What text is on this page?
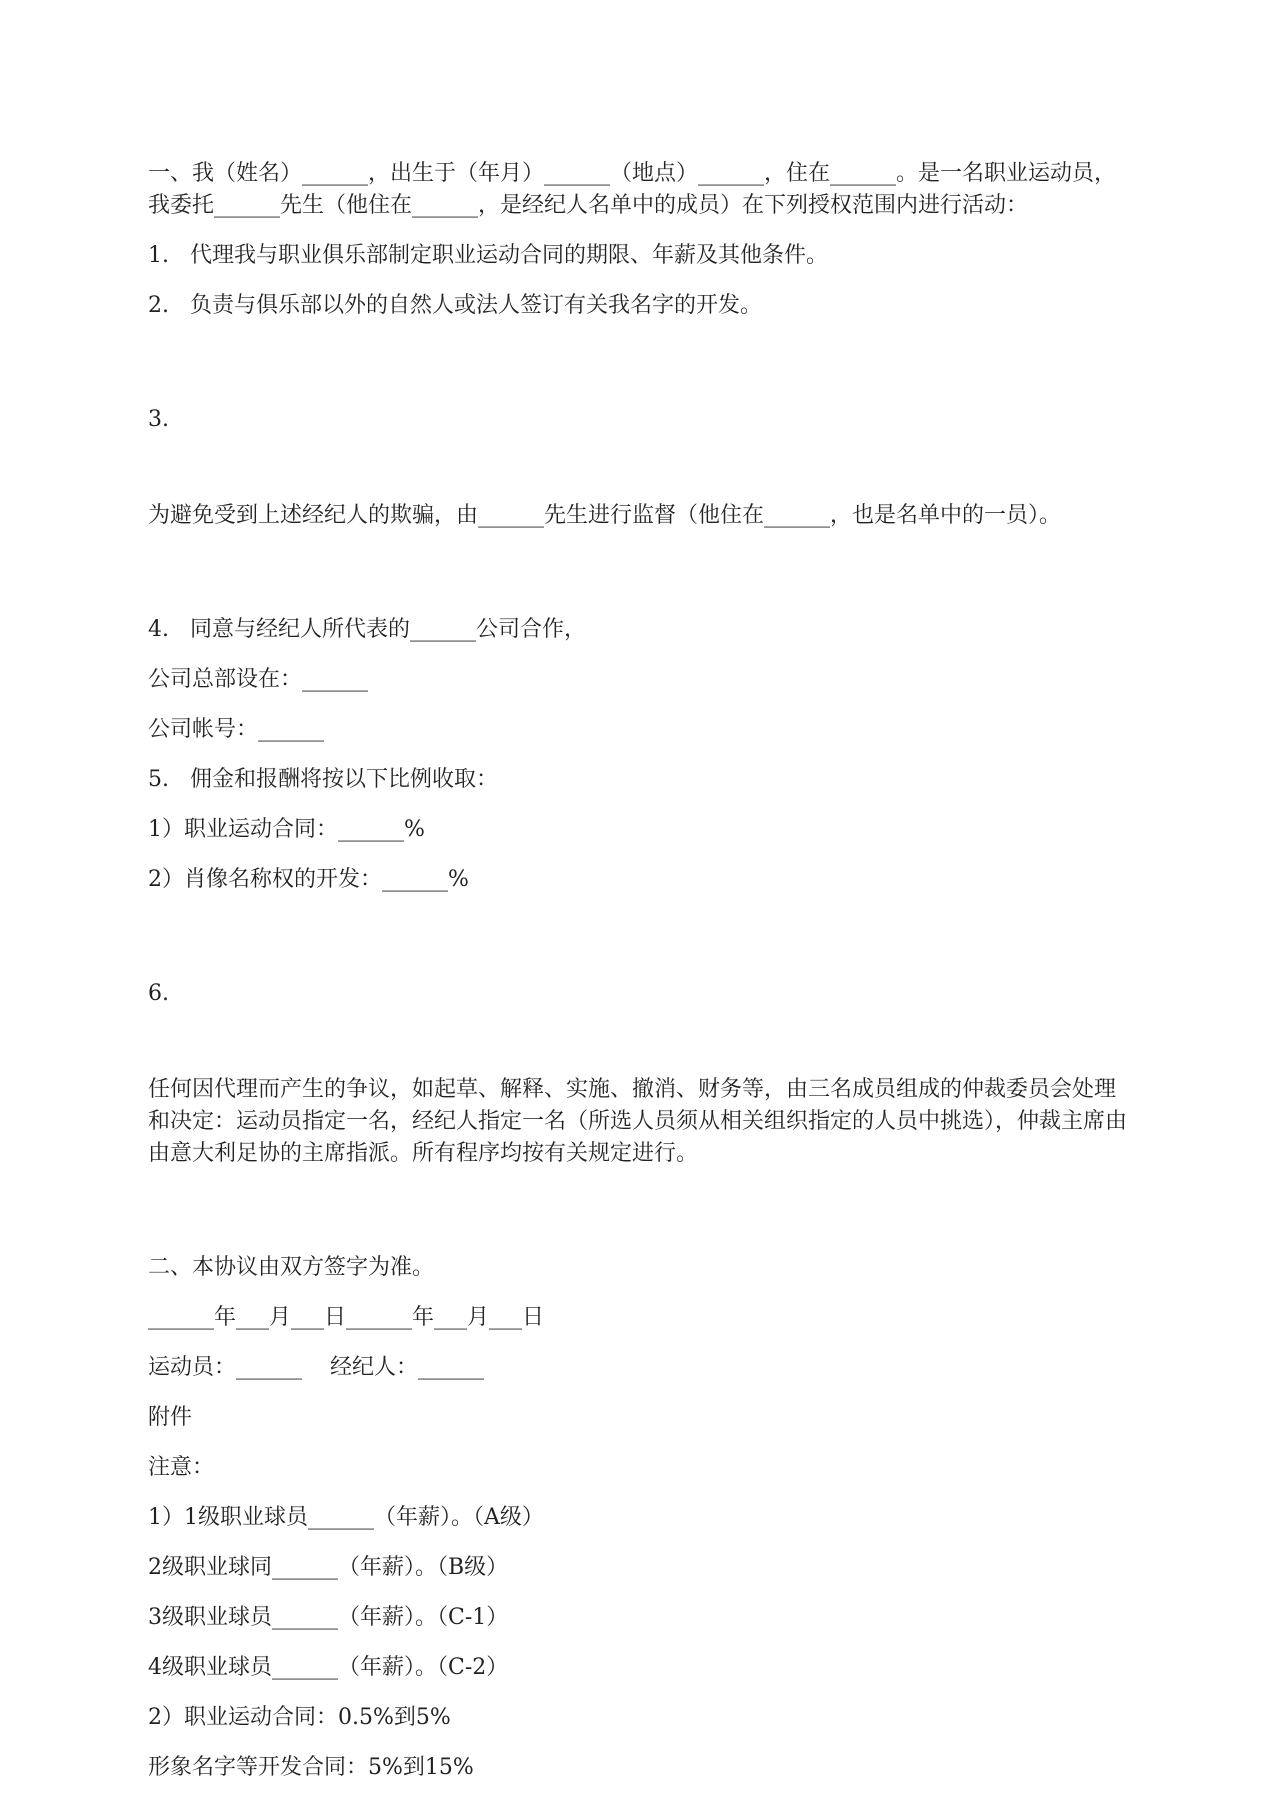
一、我（姓名）______，出生于（年月）______（地点）______，住在______。是一名职业运动员，我委托______先生（他住在______，是经纪人名单中的成员）在下列授权范围内进行活动：

1.   代理我与职业俱乐部制定职业运动合同的期限、年薪及其他条件。

2.   负责与俱乐部以外的自然人或法人签订有关我名字的开发。

3.

为避免受到上述经纪人的欺骗，由______先生进行监督（他住在______，也是名单中的一员）。

4.   同意与经纪人所代表的______公司合作，

公司总部设在：______

公司帐号：______

5.   佣金和报酬将按以下比例收取：

1）职业运动合同：______%

2）肖像名称权的开发：______%

6.

任何因代理而产生的争议，如起草、解释、实施、撤消、财务等，由三名成员组成的仲裁委员会处理和决定：运动员指定一名，经纪人指定一名（所选人员须从相关组织指定的人员中挑选），仲裁主席由由意大利足协的主席指派。所有程序均按有关规定进行。

二、本协议由双方签字为准。

______年___月___日______年___月___日

运动员：______    经纪人：______

附件

注意：

1）1级职业球员______（年薪）。（A级）

2级职业球同______（年薪）。（B级）

3级职业球员______（年薪）。（C-1）

4级职业球员______（年薪）。（C-2）

2）职业运动合同：0.5%到5%

形象名字等开发合同：5%到15%
